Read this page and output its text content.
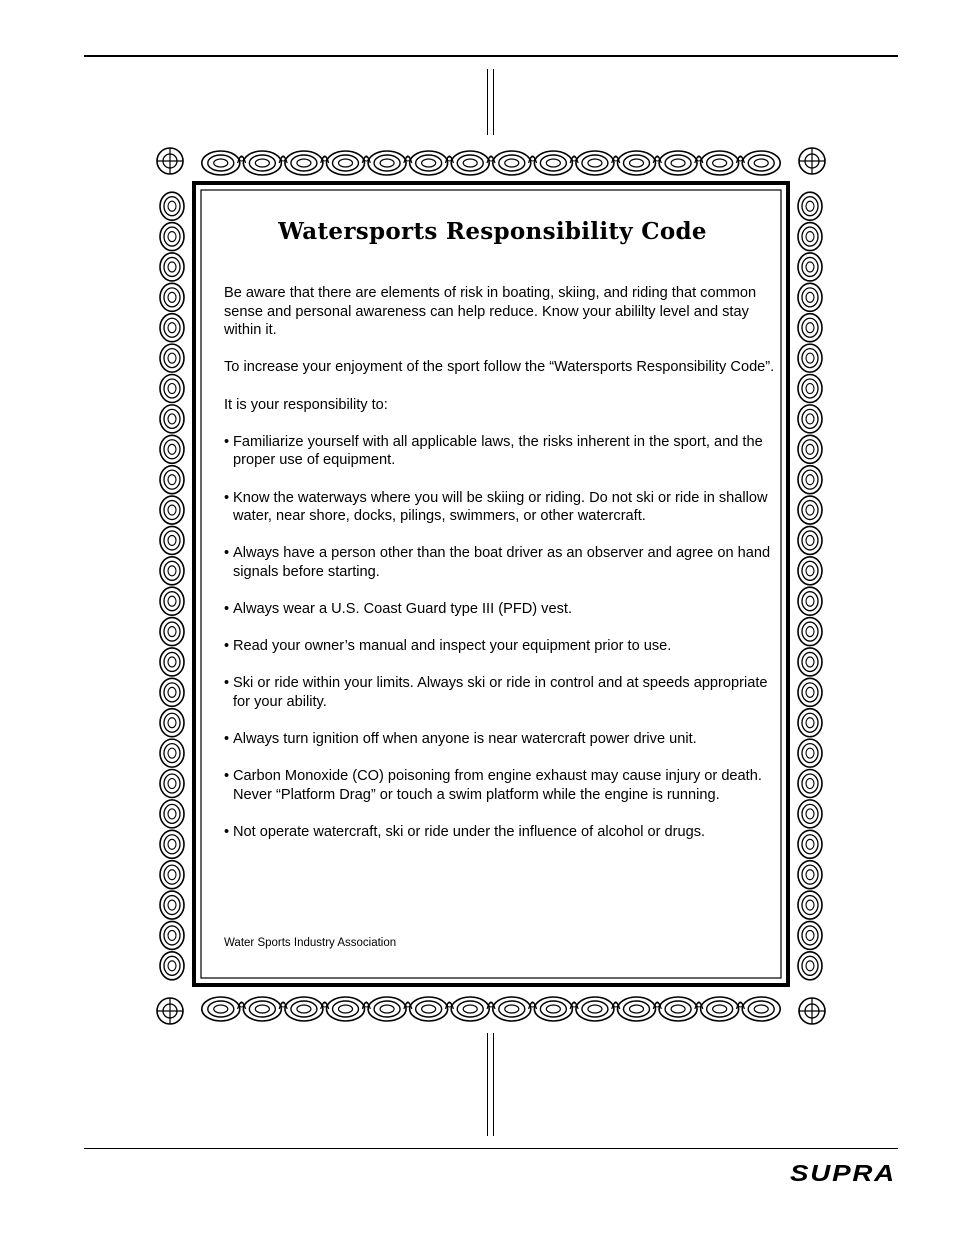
Watersports Responsibility Code

Be aware that there are elements of risk in boating, skiing, and riding that common sense and personal awareness can help reduce. Know your abililty level and stay within it.

To increase your enjoyment of the sport follow the “Watersports Responsibility Code”.

It is your responsibility to:

• Familiarize yourself with all applicable laws, the risks inherent in the sport, and the proper use of equipment.
• Know the waterways where you will be skiing or riding. Do not ski or ride in shallow water, near shore, docks, pilings, swimmers, or other watercraft.
• Always have a person other than the boat driver as an observer and agree on hand signals before starting.
• Always wear a U.S. Coast Guard type III (PFD) vest.
• Read your owner’s manual and inspect your equipment prior to use.
• Ski or ride within your limits. Always ski or ride in control and at speeds appropriate for your ability.
• Always turn ignition off when anyone is near watercraft power drive unit.
• Carbon Monoxide (CO) poisoning from engine exhaust may cause injury or death. Never “Platform Drag” or touch a swim platform while the engine is running.
• Not operate watercraft, ski or ride under the influence of alcohol or drugs.
Water Sports Industry Association
SUPRA
